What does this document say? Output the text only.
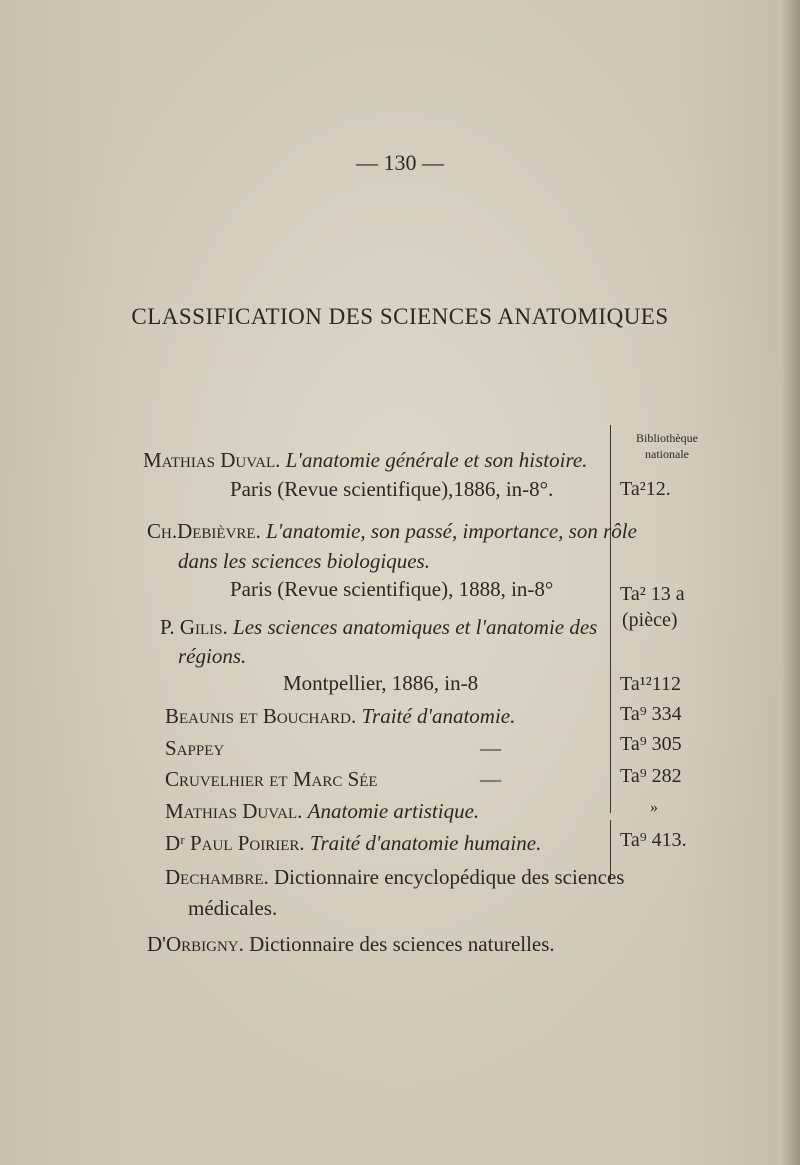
— 130 —
CLASSIFICATION DES SCIENCES ANATOMIQUES
Bibliothèque nationale
Mathias Duval. L'anatomie générale et son histoire.
Paris (Revue scientifique),1886, in-8°.	Ta²12.
Ch.Debièvre. L'anatomie, son passé, importance, son rôle
dans les sciences biologiques.
Paris (Revue scientifique), 1888, in-8°	Ta² 13 a
(pièce)
P. Gilis. Les sciences anatomiques et l'anatomie des
régions.
Montpellier, 1886, in-8	Ta¹²112
Beaunis et Bouchard. Traité d'anatomie.	Ta⁹ 334
Sappey	—	Ta⁹ 305
Cruvelhier et Marc Sée	—	Ta⁹ 282
Mathias Duval. Anatomie artistique.	»
Dʳ Paul Poirier. Traité d'anatomie humaine.	Ta⁹ 413.
Dechambre. Dictionnaire encyclopédique des sciences
médicales.
D'Orbigny. Dictionnaire des sciences naturelles.
